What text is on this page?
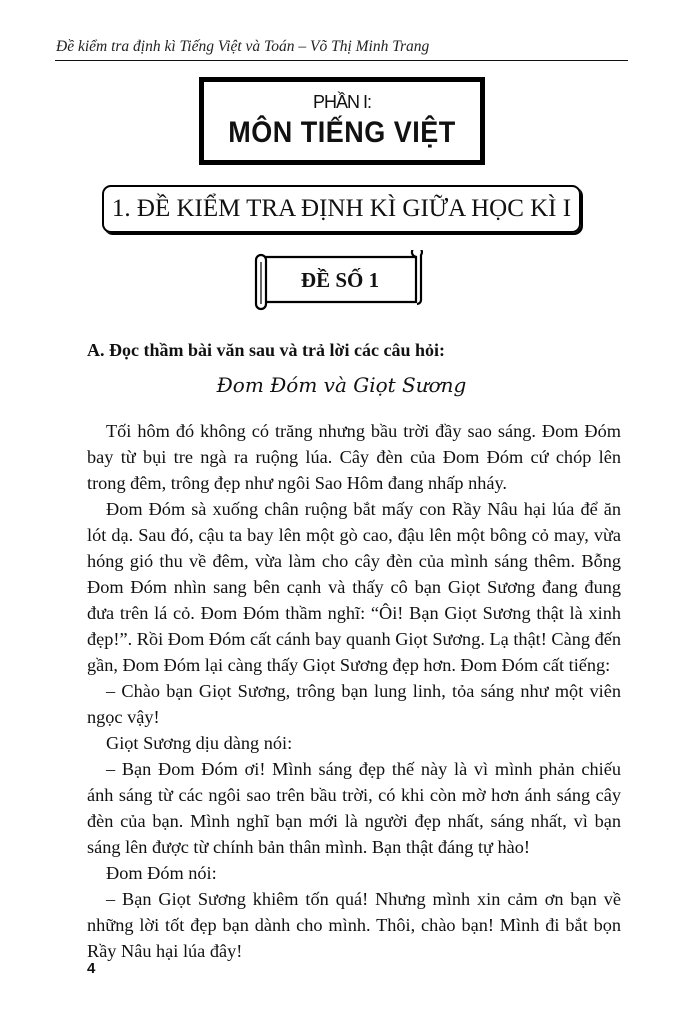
Đề kiểm tra định kì Tiếng Việt và Toán – Võ Thị Minh Trang
PHẦN I:
MÔN TIẾNG VIỆT
1. ĐỀ KIỂM TRA ĐỊNH KÌ GIỮA HỌC KÌ I
ĐỀ SỐ 1
A. Đọc thầm bài văn sau và trả lời các câu hỏi:
Đom Đóm và Giọt Sương
Tối hôm đó không có trăng nhưng bầu trời đầy sao sáng. Đom Đóm
bay từ bụi tre ngà ra ruộng lúa. Cây đèn của Đom Đóm cứ chóp lên
trong đêm, trông đẹp như ngôi Sao Hôm đang nhấp nháy.
Đom Đóm sà xuống chân ruộng bắt mấy con Rầy Nâu hại lúa để ăn
lót dạ. Sau đó, cậu ta bay lên một gò cao, đậu lên một bông cỏ may, vừa
hóng gió thu về đêm, vừa làm cho cây đèn của mình sáng thêm. Bỗng
Đom Đóm nhìn sang bên cạnh và thấy cô bạn Giọt Sương đang đung
đưa trên lá cỏ. Đom Đóm thầm nghĩ: “Ôi! Bạn Giọt Sương thật là xinh
đẹp!”. Rồi Đom Đóm cất cánh bay quanh Giọt Sương. Lạ thật! Càng đến
gần, Đom Đóm lại càng thấy Giọt Sương đẹp hơn. Đom Đóm cất tiếng:
– Chào bạn Giọt Sương, trông bạn lung linh, tỏa sáng như một viên
ngọc vậy!
Giọt Sương dịu dàng nói:
– Bạn Đom Đóm ơi! Mình sáng đẹp thế này là vì mình phản chiếu
ánh sáng từ các ngôi sao trên bầu trời, có khi còn mờ hơn ánh sáng cây
đèn của bạn. Mình nghĩ bạn mới là người đẹp nhất, sáng nhất, vì bạn
sáng lên được từ chính bản thân mình. Bạn thật đáng tự hào!
Đom Đóm nói:
– Bạn Giọt Sương khiêm tốn quá! Nhưng mình xin cảm ơn bạn về
những lời tốt đẹp bạn dành cho mình. Thôi, chào bạn! Mình đi bắt bọn
Rầy Nâu hại lúa đây!
4
